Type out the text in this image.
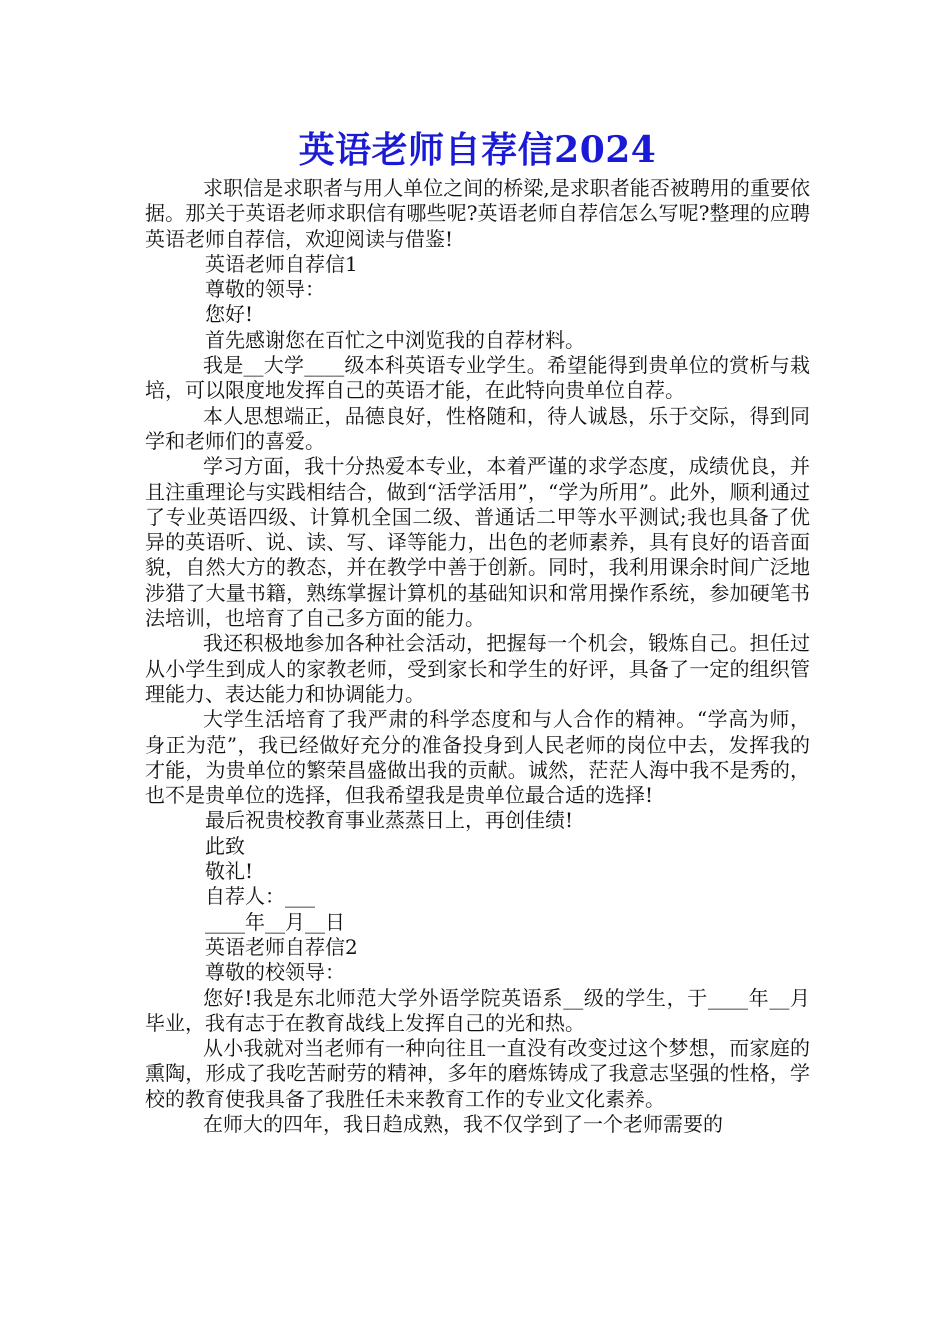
英语老师自荐信2024

求职信是求职者与用人单位之间的桥梁,是求职者能否被聘用的重要依据。那关于英语老师求职信有哪些呢?英语老师自荐信怎么写呢?整理的应聘英语老师自荐信，欢迎阅读与借鉴!

英语老师自荐信1

尊敬的领导：

您好!

首先感谢您在百忙之中浏览我的自荐材料。

我是__大学____级本科英语专业学生。希望能得到贵单位的赏析与栽培，可以限度地发挥自己的英语才能，在此特向贵单位自荐。

本人思想端正，品德良好，性格随和，待人诚恳，乐于交际，得到同学和老师们的喜爱。

学习方面，我十分热爱本专业，本着严谨的求学态度，成绩优良，并且注重理论与实践相结合，做到“活学活用”，“学为所用”。此外，顺利通过了专业英语四级、计算机全国二级、普通话二甲等水平测试;我也具备了优异的英语听、说、读、写、译等能力，出色的老师素养，具有良好的语音面貌，自然大方的教态，并在教学中善于创新。同时，我利用课余时间广泛地涉猎了大量书籍，熟练掌握计算机的基础知识和常用操作系统，参加硬笔书法培训，也培育了自己多方面的能力。

我还积极地参加各种社会活动，把握每一个机会，锻炼自己。担任过从小学生到成人的家教老师，受到家长和学生的好评，具备了一定的组织管理能力、表达能力和协调能力。

大学生活培育了我严肃的科学态度和与人合作的精神。“学高为师，身正为范”，我已经做好充分的准备投身到人民老师的岗位中去，发挥我的才能，为贵单位的繁荣昌盛做出我的贡献。诚然，茫茫人海中我不是秀的，也不是贵单位的选择，但我希望我是贵单位最合适的选择!

最后祝贵校教育事业蒸蒸日上，再创佳绩!

此致

敬礼!

自荐人：___

____年__月__日

英语老师自荐信2

尊敬的校领导：

您好!我是东北师范大学外语学院英语系__级的学生，于____年__月毕业，我有志于在教育战线上发挥自己的光和热。

从小我就对当老师有一种向往且一直没有改变过这个梦想，而家庭的熏陶，形成了我吃苦耐劳的精神，多年的磨炼铸成了我意志坚强的性格，学校的教育使我具备了我胜任未来教育工作的专业文化素养。

在师大的四年，我日趋成熟，我不仅学到了一个老师需要的
